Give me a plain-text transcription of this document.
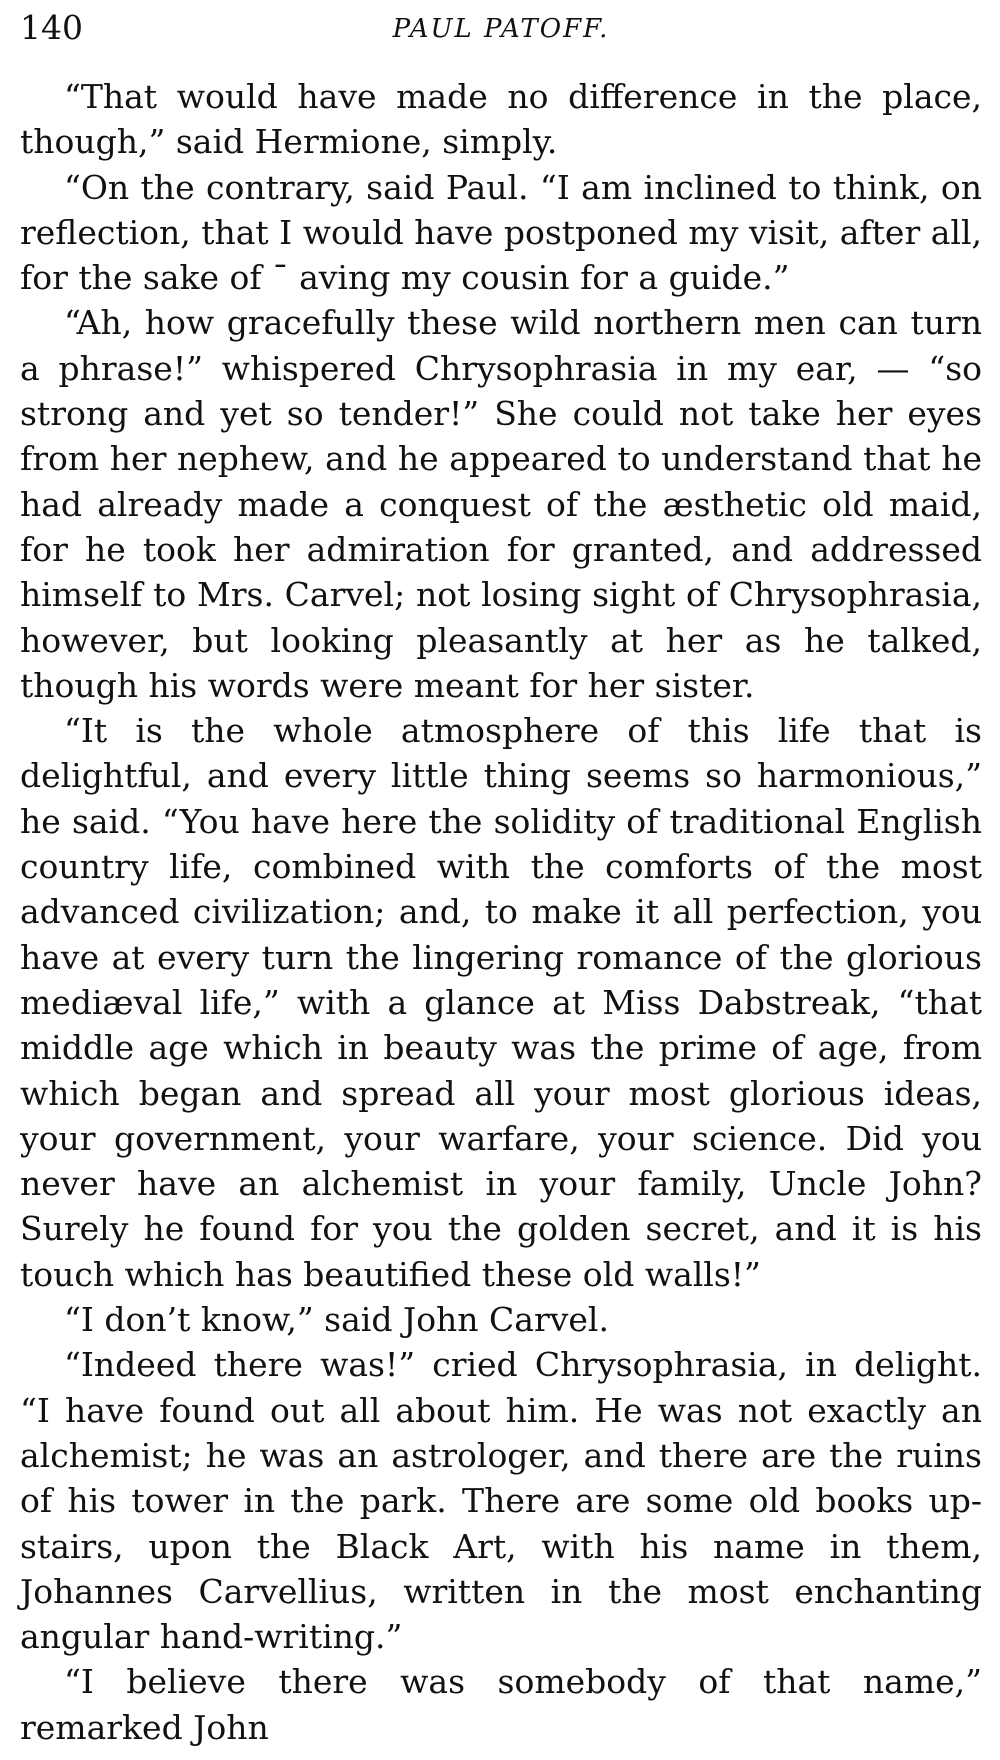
140	PAUL PATOFF.

“That would have made no difference in the place, though,” said Hermione, simply.

“On the contrary, said Paul. “I am inclined to think, on reflection, that I would have postponed my visit, after all, for the sake of ˉ aving my cousin for a guide.”

“Ah, how gracefully these wild northern men can turn a phrase!” whispered Chrysophrasia in my ear, — “so strong and yet so tender!” She could not take her eyes from her nephew, and he appeared to understand that he had already made a conquest of the æsthetic old maid, for he took her admiration for granted, and addressed himself to Mrs. Carvel; not losing sight of Chrysophrasia, however, but looking pleasantly at her as he talked, though his words were meant for her sister.

“It is the whole atmosphere of this life that is delightful, and every little thing seems so harmonious,” he said. “You have here the solidity of traditional English country life, combined with the comforts of the most advanced civilization; and, to make it all perfection, you have at every turn the lingering romance of the glorious mediæval life,” with a glance at Miss Dabstreak, “that middle age which in beauty was the prime of age, from which began and spread all your most glorious ideas, your government, your warfare, your science. Did you never have an alchemist in your family, Uncle John? Surely he found for you the golden secret, and it is his touch which has beautified these old walls!”

“I don’t know,” said John Carvel.

“Indeed there was!” cried Chrysophrasia, in delight. “I have found out all about him. He was not exactly an alchemist; he was an astrologer, and there are the ruins of his tower in the park. There are some old books up-stairs, upon the Black Art, with his name in them, Johannes Carvellius, written in the most enchanting angular hand-writing.”

“I believe there was somebody of that name,” remarked John
